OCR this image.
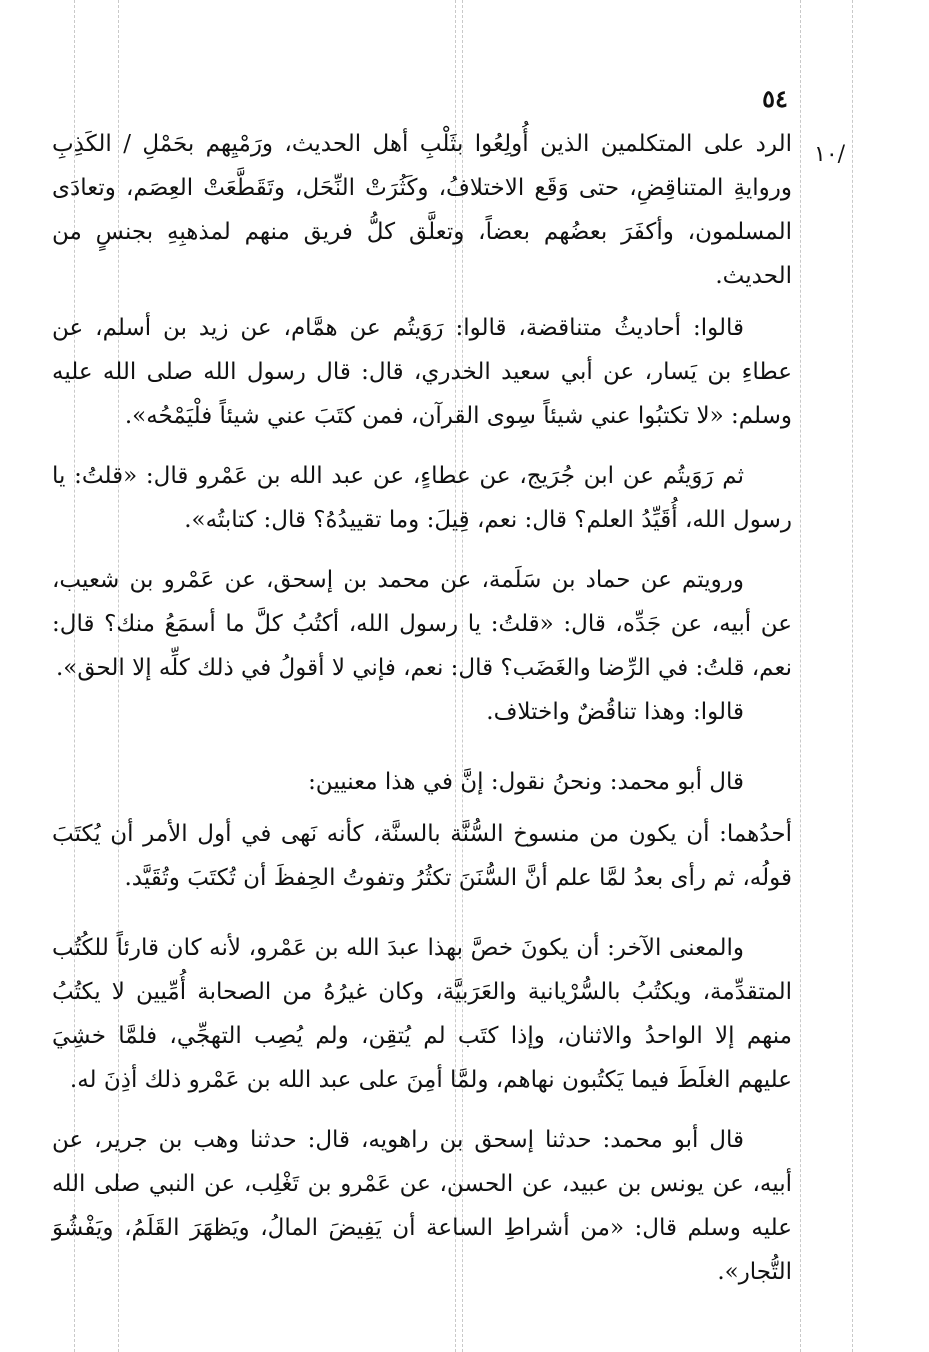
٥٤
١٠/

الرد على المتكلمين الذين أُولِعُوا بثَلْبِ أهل الحديث، ورَمْيِهم بحَمْلِ / الكَذِبِ وروايةِ المتناقِضِ، حتى وَقَع الاختلافُ، وكَثُرَتْ النِّحَل، وتَقَطَّعَتْ العِصَم، وتعادَى المسلمون، وأكفَرَ بعضُهم بعضاً، وتعلَّق كلُّ فريق منهم لمذهبِهِ بجنسٍ من الحديث.

قالوا: أحاديثُ متناقضة، قالوا: رَوَيتُم عن همَّام، عن زيد بن أسلم، عن عطاءِ بن يَسار، عن أبي سعيد الخدري، قال: قال رسول الله صلى الله عليه وسلم: «لا تكتبُوا عني شيئاً سِوى القرآن، فمن كتَبَ عني شيئاً فلْيَمْحُه».

ثم رَوَيتُم عن ابن جُرَيج، عن عطاءٍ، عن عبد الله بن عَمْرو قال: «قلتُ: يا رسول الله، أُقَيِّدُ العلم؟ قال: نعم، قِيلَ: وما تقييدُهُ؟ قال: كتابتُه».

ورويتم عن حماد بن سَلَمة، عن محمد بن إسحق، عن عَمْرو بن شعيب، عن أبيه، عن جَدِّه، قال: «قلتُ: يا رسول الله، أكتُبُ كلَّ ما أسمَعُ منك؟ قال: نعم، قلتُ: في الرِّضا والغَضَب؟ قال: نعم، فإني لا أقولُ في ذلك كلِّه إلا الحق».

قالوا: وهذا تناقُضٌ واختلاف.

قال أبو محمد: ونحنُ نقول: إنَّ في هذا معنيين:

أحدُهما: أن يكون من منسوخ السُّنَّة بالسنَّة، كأنه نَهى في أول الأمر أن يُكتَبَ قولُه، ثم رأى بعدُ لمَّا علم أنَّ السُّنَنَ تكثُرُ وتفوتُ الحِفظَ أن تُكتَبَ وتُقَيَّد.

والمعنى الآخر: أن يكونَ خصَّ بهذا عبدَ الله بن عَمْرو، لأنه كان قارئاً للكُتُب المتقدِّمة، ويكتُبُ بالسُّرْيانية والعَرَبيَّة، وكان غيرُهُ من الصحابة أُمِّيين لا يكتُبُ منهم إلا الواحدُ والاثنان، وإذا كتَب لم يُتقِن، ولم يُصِب التهجِّي، فلمَّا خشِيَ عليهم الغلَطَ فيما يَكتُبون نهاهم، ولمَّا أمِنَ على عبد الله بن عَمْرو ذلك أذِنَ له.

قال أبو محمد: حدثنا إسحق بن راهويه، قال: حدثنا وهب بن جرير، عن أبيه، عن يونس بن عبيد، عن الحسن، عن عَمْرو بن تَغْلِب، عن النبي صلى الله عليه وسلم قال: «من أشراطِ الساعة أن يَفِيضَ المالُ، ويَظهَرَ القَلَمُ، ويَفْشُوَ التُّجار».
